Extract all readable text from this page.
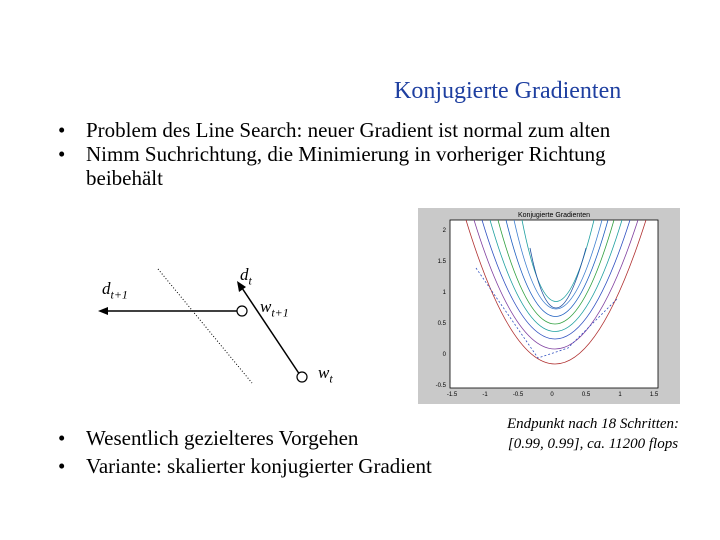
Konjugierte Gradienten
• Problem des Line Search: neuer Gradient ist normal zum alten
• Nimm Suchrichtung, die Minimierung in vorheriger Richtung beibehält
$d_{t+1}$
$d_t$
$w_{t+1}$
$w_t$
Konjugierte Gradienten
2
1.5
1
0.5
0
-0.5
-1.5	-1	-0.5	0	0.5	1	1.5
• Wesentlich gezielteres Vorgehen
• Variante: skalierter konjugierter Gradient
Endpunkt nach 18 Schritten:
[0.99, 0.99], ca. 11200 flops
